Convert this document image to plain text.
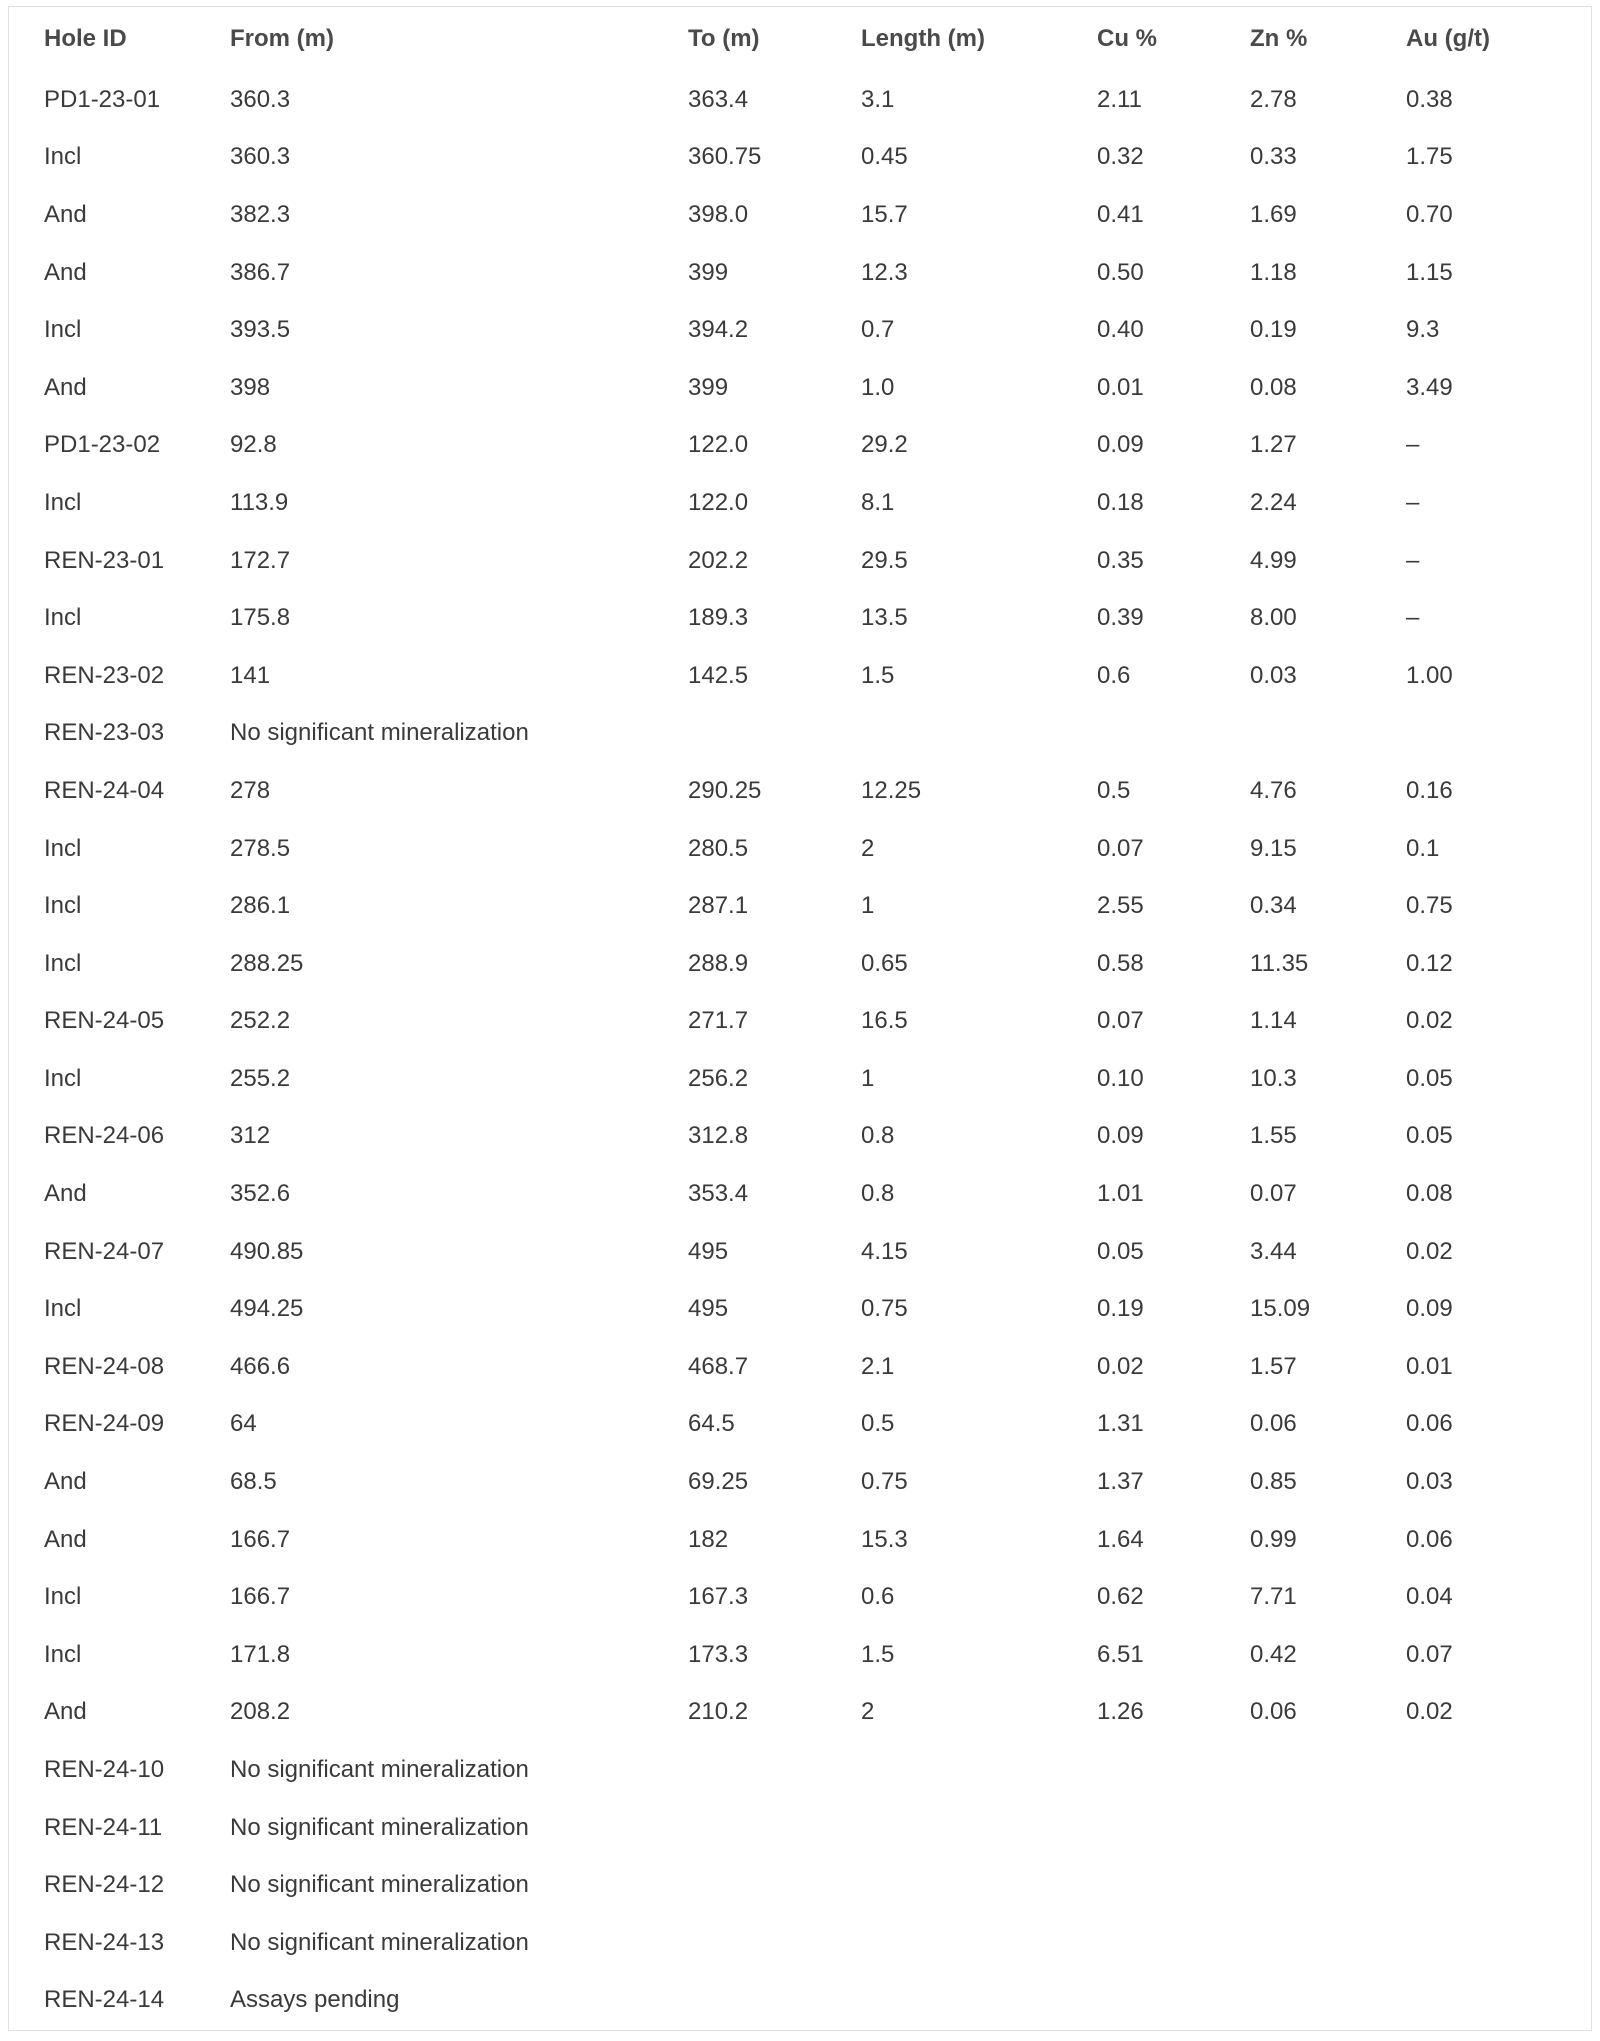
Hole ID	From (m)	To (m)	Length (m)	Cu %	Zn %	Au (g/t)
PD1-23-01	360.3	363.4	3.1	2.11	2.78	0.38
Incl	360.3	360.75	0.45	0.32	0.33	1.75
And	382.3	398.0	15.7	0.41	1.69	0.70
And	386.7	399	12.3	0.50	1.18	1.15
Incl	393.5	394.2	0.7	0.40	0.19	9.3
And	398	399	1.0	0.01	0.08	3.49
PD1-23-02	92.8	122.0	29.2	0.09	1.27	–
Incl	113.9	122.0	8.1	0.18	2.24	–
REN-23-01	172.7	202.2	29.5	0.35	4.99	–
Incl	175.8	189.3	13.5	0.39	8.00	–
REN-23-02	141	142.5	1.5	0.6	0.03	1.00
REN-23-03	No significant mineralization					
REN-24-04	278	290.25	12.25	0.5	4.76	0.16
Incl	278.5	280.5	2	0.07	9.15	0.1
Incl	286.1	287.1	1	2.55	0.34	0.75
Incl	288.25	288.9	0.65	0.58	11.35	0.12
REN-24-05	252.2	271.7	16.5	0.07	1.14	0.02
Incl	255.2	256.2	1	0.10	10.3	0.05
REN-24-06	312	312.8	0.8	0.09	1.55	0.05
And	352.6	353.4	0.8	1.01	0.07	0.08
REN-24-07	490.85	495	4.15	0.05	3.44	0.02
Incl	494.25	495	0.75	0.19	15.09	0.09
REN-24-08	466.6	468.7	2.1	0.02	1.57	0.01
REN-24-09	64	64.5	0.5	1.31	0.06	0.06
And	68.5	69.25	0.75	1.37	0.85	0.03
And	166.7	182	15.3	1.64	0.99	0.06
Incl	166.7	167.3	0.6	0.62	7.71	0.04
Incl	171.8	173.3	1.5	6.51	0.42	0.07
And	208.2	210.2	2	1.26	0.06	0.02
REN-24-10	No significant mineralization					
REN-24-11	No significant mineralization					
REN-24-12	No significant mineralization					
REN-24-13	No significant mineralization					
REN-24-14	Assays pending					
